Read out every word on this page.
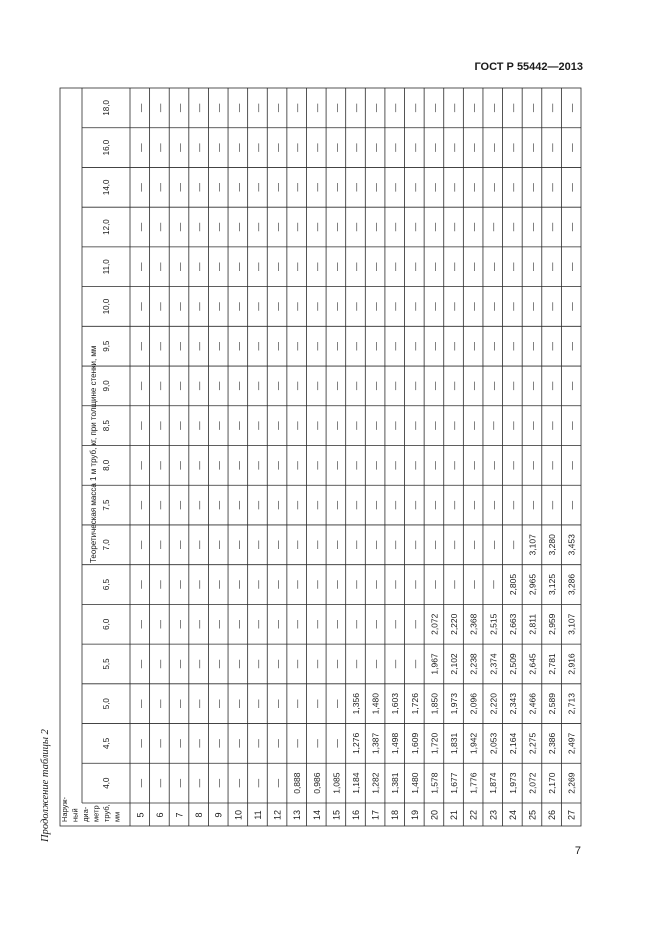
ГОСТ Р 55442—2013
Продолжение таблицы 2
Теоретическая масса 1 м труб, кг, при толщине стенки, мм
Наруж- ный диа- метр труб, мм
4,0
4,5
5,0
5,5
6,0
6,5
7,0
7,5
8,0
8,5
9,0
9,5
10,0
11,0
12,0
14,0
16,0
18,0
5
—
—
—
—
—
—
—
—
—
—
—
—
—
—
—
—
—
—
6
—
—
—
—
—
—
—
—
—
—
—
—
—
—
—
—
—
—
7
—
—
—
—
—
—
—
—
—
—
—
—
—
—
—
—
—
—
8
—
—
—
—
—
—
—
—
—
—
—
—
—
—
—
—
—
—
9
—
—
—
—
—
—
—
—
—
—
—
—
—
—
—
—
—
—
10
—
—
—
—
—
—
—
—
—
—
—
—
—
—
—
—
—
—
11
—
—
—
—
—
—
—
—
—
—
—
—
—
—
—
—
—
—
12
—
—
—
—
—
—
—
—
—
—
—
—
—
—
—
—
—
—
13
0,888
—
—
—
—
—
—
—
—
—
—
—
—
—
—
—
—
—
14
0,986
—
—
—
—
—
—
—
—
—
—
—
—
—
—
—
—
—
15
1,085
—
—
—
—
—
—
—
—
—
—
—
—
—
—
—
—
—
16
1,184
1,276
1,356
—
—
—
—
—
—
—
—
—
—
—
—
—
—
—
17
1,282
1,387
1,480
—
—
—
—
—
—
—
—
—
—
—
—
—
—
—
18
1,381
1,498
1,603
—
—
—
—
—
—
—
—
—
—
—
—
—
—
—
19
1,480
1,609
1,726
—
—
—
—
—
—
—
—
—
—
—
—
—
—
—
20
1,578
1,720
1,850
1,967
2,072
—
—
—
—
—
—
—
—
—
—
—
—
—
21
1,677
1,831
1,973
2,102
2,220
—
—
—
—
—
—
—
—
—
—
—
—
—
22
1,776
1,942
2,096
2,238
2,368
—
—
—
—
—
—
—
—
—
—
—
—
—
23
1,874
2,053
2,220
2,374
2,515
—
—
—
—
—
—
—
—
—
—
—
—
—
24
1,973
2,164
2,343
2,509
2,663
2,805
—
—
—
—
—
—
—
—
—
—
—
—
25
2,072
2,275
2,466
2,645
2,811
2,965
3,107
—
—
—
—
—
—
—
—
—
—
—
26
2,170
2,386
2,589
2,781
2,959
3,125
3,280
—
—
—
—
—
—
—
—
—
—
—
27
2,269
2,497
2,713
2,916
3,107
3,286
3,453
—
—
—
—
—
—
—
—
—
—
—
7
